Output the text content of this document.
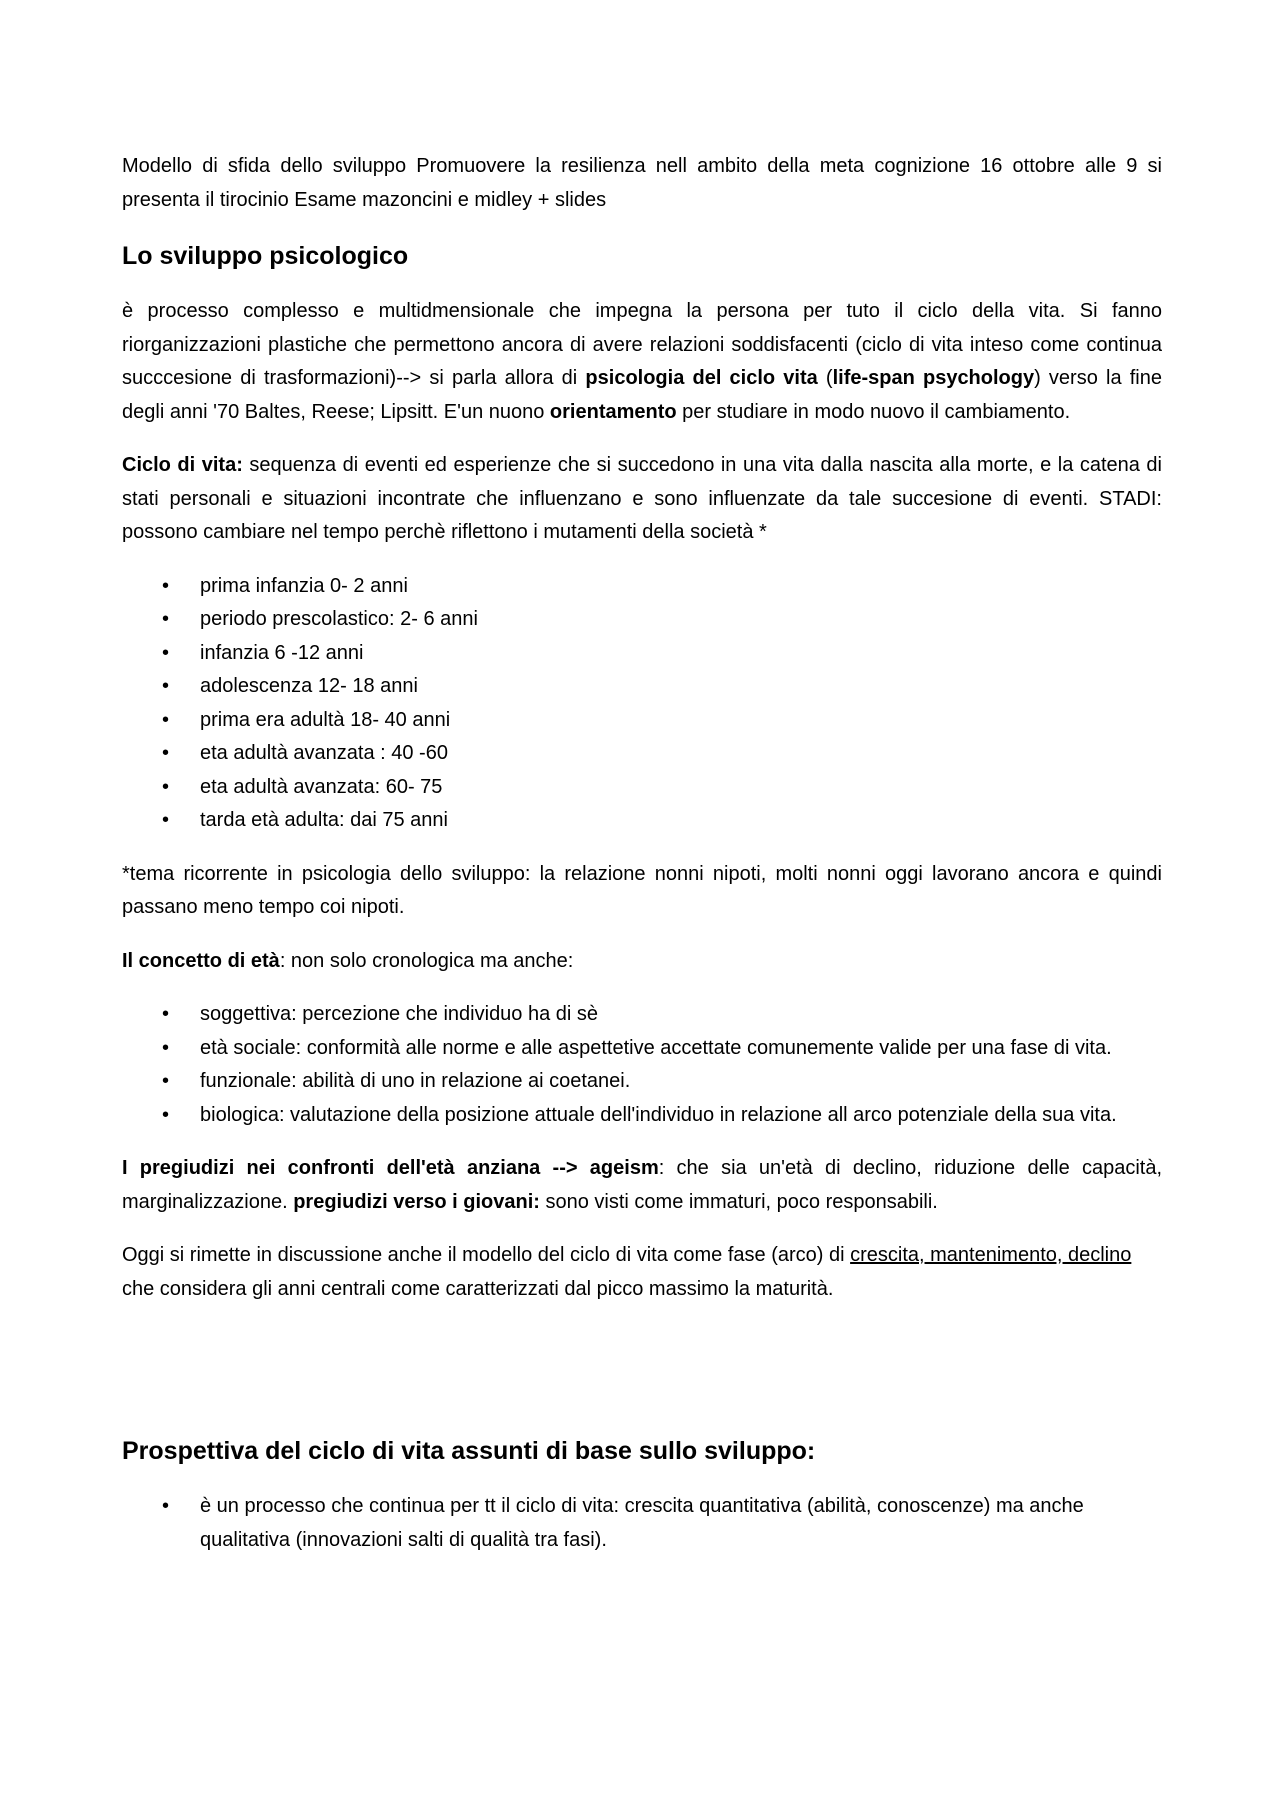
Modello di sfida dello sviluppo Promuovere la resilienza nell ambito della meta cognizione 16 ottobre alle 9 si presenta il tirocinio Esame mazoncini e midley + slides

Lo sviluppo psicologico

è processo complesso e multidmensionale che impegna la persona per tuto il ciclo della vita. Si fanno riorganizzazioni plastiche che permettono ancora di avere relazioni soddisfacenti (ciclo di vita inteso come continua succcesione di trasformazioni)--> si parla allora di psicologia del ciclo vita (life-span psychology) verso la fine degli anni '70 Baltes, Reese; Lipsitt. E'un nuono orientamento per studiare in modo nuovo il cambiamento.

Ciclo di vita: sequenza di eventi ed esperienze che si succedono in una vita dalla nascita alla morte, e la catena di stati personali e situazioni incontrate che influenzano e sono influenzate da tale succesione di eventi. STADI: possono cambiare nel tempo perchè riflettono i mutamenti della società *

• prima infanzia 0- 2 anni
• periodo prescolastico: 2- 6 anni
• infanzia 6 -12 anni
• adolescenza 12- 18 anni
• prima era adultà 18- 40 anni
• eta adultà avanzata : 40 -60
• eta adultà avanzata: 60- 75
• tarda età adulta: dai 75 anni

*tema ricorrente in psicologia dello sviluppo: la relazione nonni nipoti, molti nonni oggi lavorano ancora e quindi passano meno tempo coi nipoti.

Il concetto di età: non solo cronologica ma anche:

• soggettiva: percezione che individuo ha di sè
• età sociale: conformità alle norme e alle aspettetive accettate comunemente valide per una fase di vita.
• funzionale: abilità di uno in relazione ai coetanei.
• biologica: valutazione della posizione attuale dell'individuo in relazione all arco potenziale della sua vita.

I pregiudizi nei confronti dell'età anziana --> ageism: che sia un'età di declino, riduzione delle capacità, marginalizzazione. pregiudizi verso i giovani: sono visti come immaturi, poco responsabili.

Oggi si rimette in discussione anche il modello del ciclo di vita come fase (arco) di crescita, mantenimento, declino che considera gli anni centrali come caratterizzati dal picco massimo la maturità.

Prospettiva del ciclo di vita assunti di base sullo sviluppo:
• è un processo che continua per tt il ciclo di vita: crescita quantitativa (abilità, conoscenze) ma anche qualitativa (innovazioni salti di qualità tra fasi).
